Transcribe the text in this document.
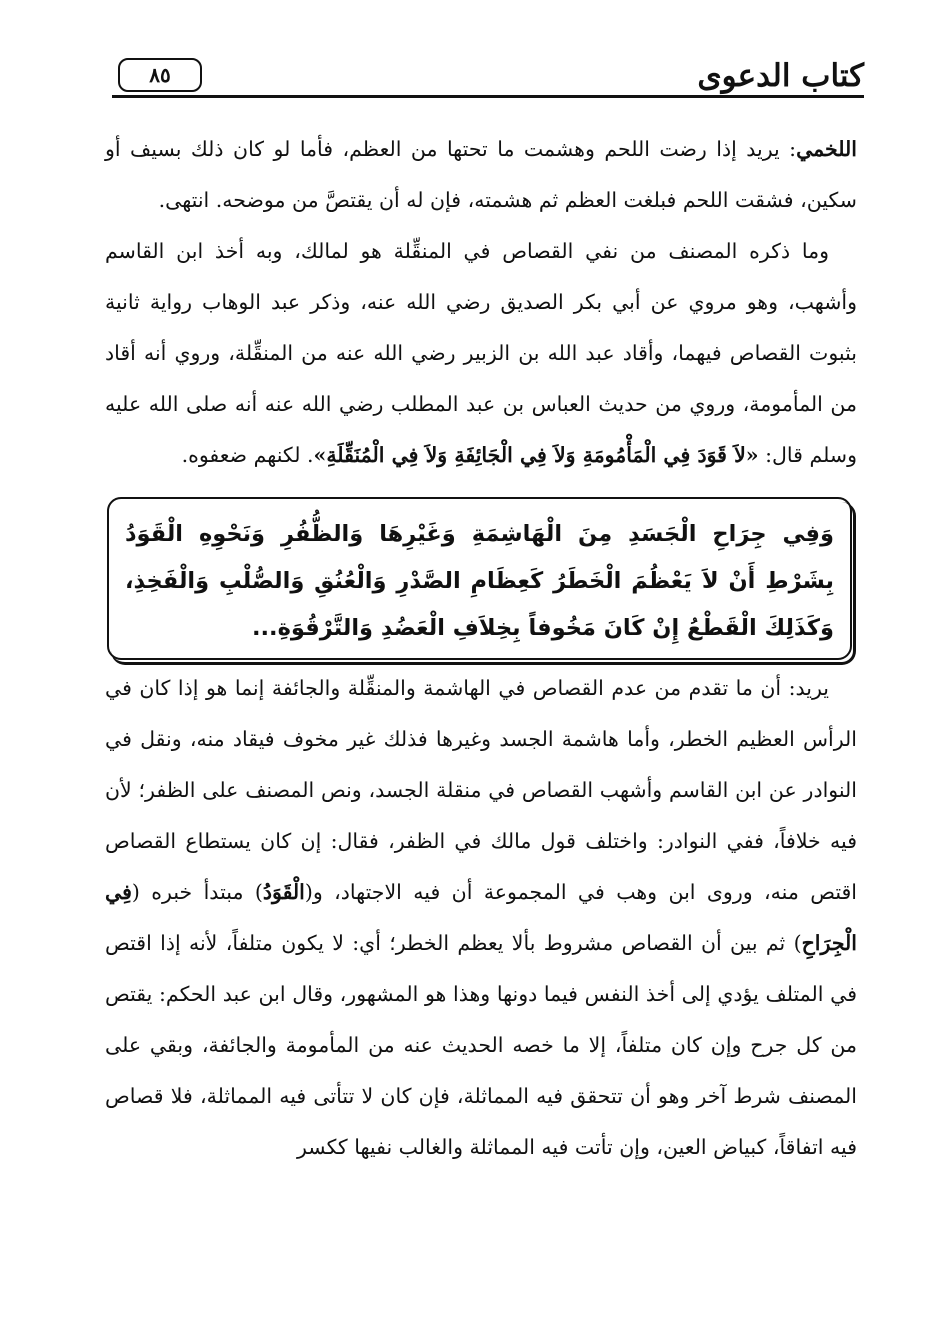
كتاب الدعوى
٨٥

اللخمي: يريد إذا رضت اللحم وهشمت ما تحتها من العظم، فأما لو كان ذلك بسيف أو سكين، فشقت اللحم فبلغت العظم ثم هشمته، فإن له أن يقتصَّ من موضحه. انتهى.

وما ذكره المصنف من نفي القصاص في المنقِّلة هو لمالك، وبه أخذ ابن القاسم وأشهب، وهو مروي عن أبي بكر الصديق رضي الله عنه، وذكر عبد الوهاب رواية ثانية بثبوت القصاص فيهما، وأقاد عبد الله بن الزبير رضي الله عنه من المنقِّلة، وروي أنه أقاد من المأمومة، وروي من حديث العباس بن عبد المطلب رضي الله عنه أنه صلى الله عليه وسلم قال: «لاَ قَوَدَ فِي الْمَأْمُومَةِ وَلاَ فِي الْجَائِفَةِ وَلاَ فِي الْمُنَقِّلَةِ». لكنهم ضعفوه.

وَفِي جِرَاحِ الْجَسَدِ مِنَ الْهَاشِمَةِ وَغَيْرِهَا وَالظُّفُرِ وَنَحْوِهِ الْقَوَدُ بِشَرْطِ أَنْ لاَ يَعْظُمَ الْخَطَرُ كَعِظَامِ الصَّدْرِ وَالْعُنُقِ وَالصُّلْبِ وَالْفَخِذِ، وَكَذَلِكَ الْقَطْعُ إِنْ كَانَ مَخُوفاً بِخِلاَفِ الْعَضُدِ وَالتَّرْقُوَةِ...

يريد: أن ما تقدم من عدم القصاص في الهاشمة والمنقِّلة والجائفة إنما هو إذا كان في الرأس العظيم الخطر، وأما هاشمة الجسد وغيرها فذلك غير مخوف فيقاد منه، ونقل في النوادر عن ابن القاسم وأشهب القصاص في منقلة الجسد، ونص المصنف على الظفر؛ لأن فيه خلافاً، ففي النوادر: واختلف قول مالك في الظفر، فقال: إن كان يستطاع القصاص اقتص منه، وروى ابن وهب في المجموعة أن فيه الاجتهاد، و(الْقَوَدُ) مبتدأ خبره (فِي الْجِرَاحِ) ثم بين أن القصاص مشروط بألا يعظم الخطر؛ أي: لا يكون متلفاً، لأنه إذا اقتص في المتلف يؤدي إلى أخذ النفس فيما دونها وهذا هو المشهور، وقال ابن عبد الحكم: يقتص من كل جرح وإن كان متلفاً، إلا ما خصه الحديث عنه من المأمومة والجائفة، وبقي على المصنف شرط آخر وهو أن تتحقق فيه المماثلة، فإن كان لا تتأتى فيه المماثلة، فلا قصاص فيه اتفاقاً، كبياض العين، وإن تأتت فيه المماثلة والغالب نفيها ككسر
